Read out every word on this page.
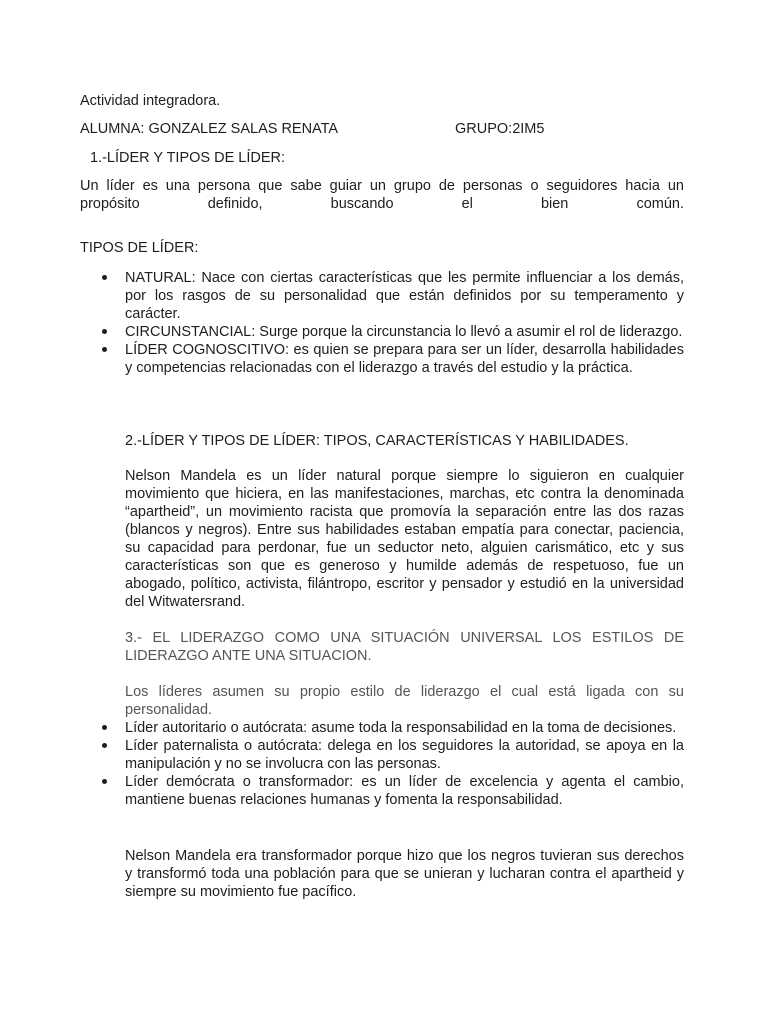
Actividad integradora.
ALUMNA: GONZALEZ SALAS RENATA	GRUPO:2IM5
1.-LÍDER Y TIPOS DE LÍDER:

Un líder es una persona que sabe guiar un grupo de personas o seguidores hacia un

propósito definido, buscando el bien común.

TIPOS DE LÍDER:
NATURAL: Nace con ciertas características que les permite influenciar a los demás, por los rasgos de su personalidad que están definidos por su temperamento y carácter.
CIRCUNSTANCIAL: Surge porque la circunstancia lo llevó a asumir el rol de liderazgo.
LÍDER COGNOSCITIVO: es quien se prepara para ser un líder, desarrolla habilidades y competencias relacionadas con el liderazgo a través del estudio y la práctica.
2.-LÍDER Y TIPOS DE LÍDER: TIPOS, CARACTERÍSTICAS Y HABILIDADES.

Nelson Mandela es un líder natural porque siempre lo siguieron en cualquier movimiento que hiciera, en las manifestaciones, marchas, etc contra la denominada “apartheid”, un movimiento racista que promovía la separación entre las dos razas (blancos y negros). Entre sus habilidades estaban empatía para conectar, paciencia, su capacidad para perdonar, fue un seductor neto, alguien carismático, etc y sus características son que es generoso y humilde además de respetuoso, fue un abogado, político, activista, filántropo, escritor y pensador y estudió en la universidad del Witwatersrand.

3.- EL LIDERAZGO COMO UNA SITUACIÓN UNIVERSAL LOS ESTILOS DE LIDERAZGO ANTE UNA SITUACION.

Los líderes asumen su propio estilo de liderazgo el cual está ligada con su personalidad.

Líder autoritario o autócrata: asume toda la responsabilidad en la toma de decisiones.
Líder paternalista o autócrata: delega en los seguidores la autoridad, se apoya en la manipulación y no se involucra con las personas.
Líder demócrata o transformador: es un líder de excelencia y agenta el cambio, mantiene buenas relaciones humanas y fomenta la responsabilidad.

Nelson Mandela era transformador porque hizo que los negros tuvieran sus derechos y transformó toda una población para que se unieran y lucharan contra el apartheid y siempre su movimiento fue pacífico.
